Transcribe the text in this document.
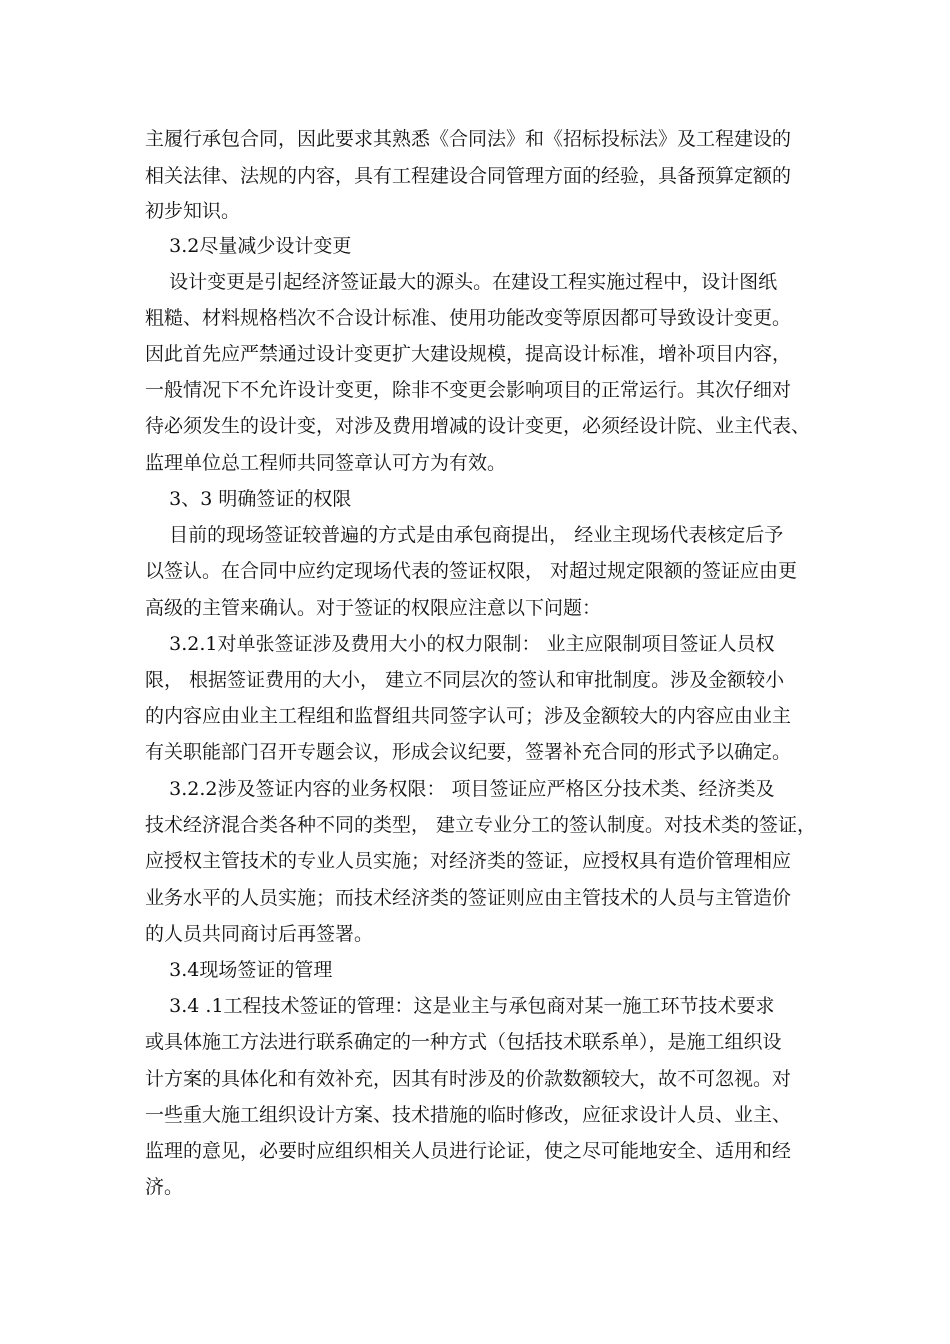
主履行承包合同，因此要求其熟悉《合同法》和《招标投标法》及工程建设的
相关法律、法规的内容，具有工程建设合同管理方面的经验，具备预算定额的
初步知识。
3.2尽量减少设计变更
设计变更是引起经济签证最大的源头。在建设工程实施过程中，设计图纸
粗糙、材料规格档次不合设计标准、使用功能改变等原因都可导致设计变更。
因此首先应严禁通过设计变更扩大建设规模，提高设计标准，增补项目内容，
一般情况下不允许设计变更，除非不变更会影响项目的正常运行。其次仔细对
待必须发生的设计变，对涉及费用增减的设计变更，必须经设计院、业主代表、
监理单位总工程师共同签章认可方为有效。
3、3 明确签证的权限
目前的现场签证较普遍的方式是由承包商提出， 经业主现场代表核定后予
以签认。在合同中应约定现场代表的签证权限， 对超过规定限额的签证应由更
高级的主管来确认。对于签证的权限应注意以下问题：
3.2.1对单张签证涉及费用大小的权力限制： 业主应限制项目签证人员权
限， 根据签证费用的大小， 建立不同层次的签认和审批制度。涉及金额较小
的内容应由业主工程组和监督组共同签字认可；涉及金额较大的内容应由业主
有关职能部门召开专题会议，形成会议纪要，签署补充合同的形式予以确定。
3.2.2涉及签证内容的业务权限： 项目签证应严格区分技术类、经济类及
技术经济混合类各种不同的类型， 建立专业分工的签认制度。对技术类的签证，
应授权主管技术的专业人员实施；对经济类的签证，应授权具有造价管理相应
业务水平的人员实施；而技术经济类的签证则应由主管技术的人员与主管造价
的人员共同商讨后再签署。
3.4现场签证的管理
3.4 .1工程技术签证的管理：这是业主与承包商对某一施工环节技术要求
或具体施工方法进行联系确定的一种方式（包括技术联系单），是施工组织设
计方案的具体化和有效补充，因其有时涉及的价款数额较大，故不可忽视。对
一些重大施工组织设计方案、技术措施的临时修改，应征求设计人员、业主、
监理的意见，必要时应组织相关人员进行论证，使之尽可能地安全、适用和经
济。
